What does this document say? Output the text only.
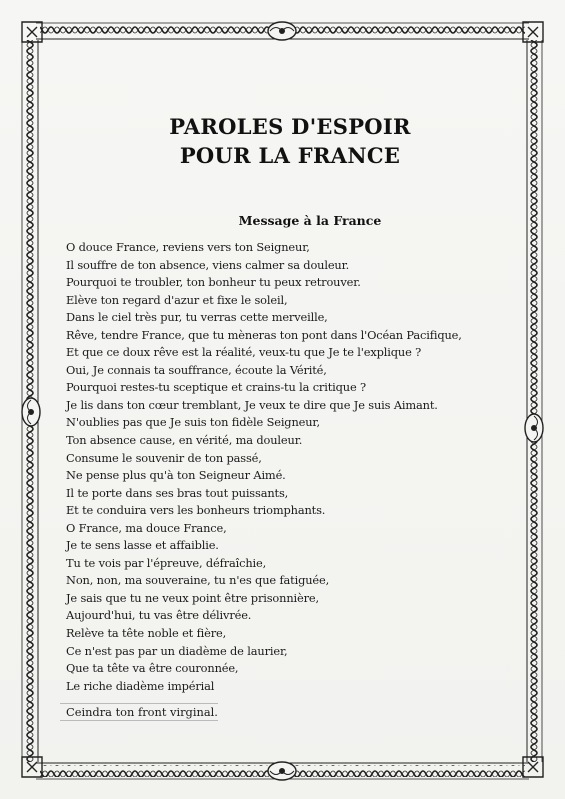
PAROLES D'ESPOIR
POUR LA FRANCE
Message à la France
O douce France, reviens vers ton Seigneur,
Il souffre de ton absence, viens calmer sa douleur.
Pourquoi te troubler, ton bonheur tu peux retrouver.
Elève ton regard d'azur et fixe le soleil,
Dans le ciel très pur, tu verras cette merveille,
Rêve, tendre France, que tu mèneras ton pont dans l'Océan Pacifique,
Et que ce doux rêve est la réalité, veux-tu que Je te l'explique ?
Oui, Je connais ta souffrance, écoute la Vérité,
Pourquoi restes-tu sceptique et crains-tu la critique ?
Je lis dans ton cœur tremblant, Je veux te dire que Je suis Aimant.
N'oublies pas que Je suis ton fidèle Seigneur,
Ton absence cause, en vérité, ma douleur.
Consume le souvenir de ton passé,
Ne pense plus qu'à ton Seigneur Aimé.
Il te porte dans ses bras tout puissants,
Et te conduira vers les bonheurs triomphants.
O France, ma douce France,
Je te sens lasse et affaiblie.
Tu te vois par l'épreuve, défraîchie,
Non, non, ma souveraine, tu n'es que fatiguée,
Je sais que tu ne veux point être prisonnière,
Aujourd'hui, tu vas être délivrée.
Relève ta tête noble et fière,
Ce n'est pas par un diadème de laurier,
Que ta tête va être couronnée,
Le riche diadème impérial
Ceindra ton front virginal.
